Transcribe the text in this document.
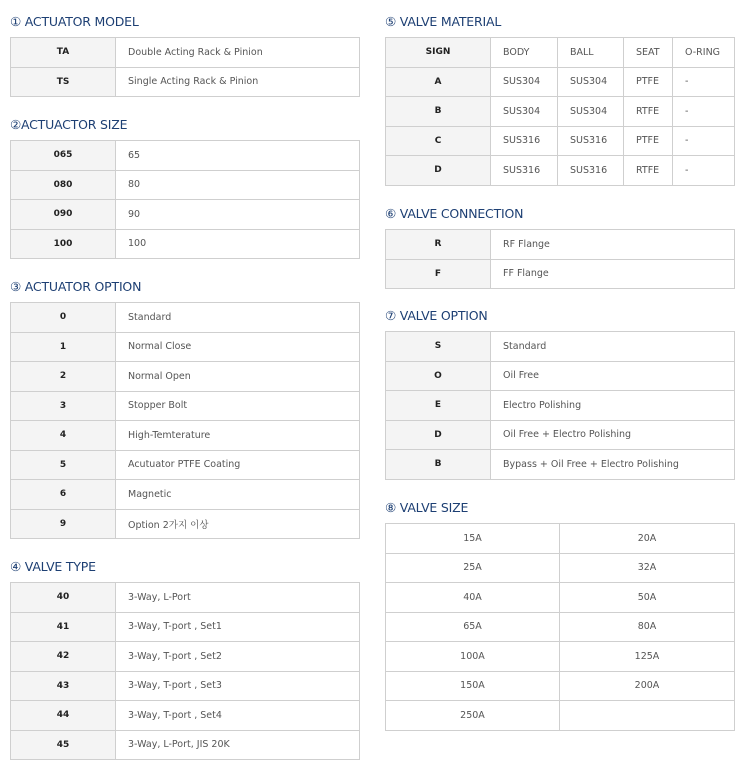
① ACTUATOR MODEL
TA	Double Acting Rack & Pinion
TS	Single Acting Rack & Pinion
②ACTUACTOR SIZE
065	65
080	80
090	90
100	100
③ ACTUATOR OPTION
0	Standard
1	Normal Close
2	Normal Open
3	Stopper Bolt
4	High-Temterature
5	Acutuator PTFE Coating
6	Magnetic
9	Option 2가지 이상
④ VALVE TYPE
40	3-Way, L-Port
41	3-Way, T-port , Set1
42	3-Way, T-port , Set2
43	3-Way, T-port , Set3
44	3-Way, T-port , Set4
45	3-Way, L-Port, JIS 20K
⑤ VALVE MATERIAL
SIGN	BODY	BALL	SEAT	O-RING
A	SUS304	SUS304	PTFE	-
B	SUS304	SUS304	RTFE	-
C	SUS316	SUS316	PTFE	-
D	SUS316	SUS316	RTFE	-
⑥ VALVE CONNECTION
R	RF Flange
F	FF Flange
⑦ VALVE OPTION
S	Standard
O	Oil Free
E	Electro Polishing
D	Oil Free + Electro Polishing
B	Bypass + Oil Free + Electro Polishing
⑧ VALVE SIZE
15A	20A
25A	32A
40A	50A
65A	80A
100A	125A
150A	200A
250A	
